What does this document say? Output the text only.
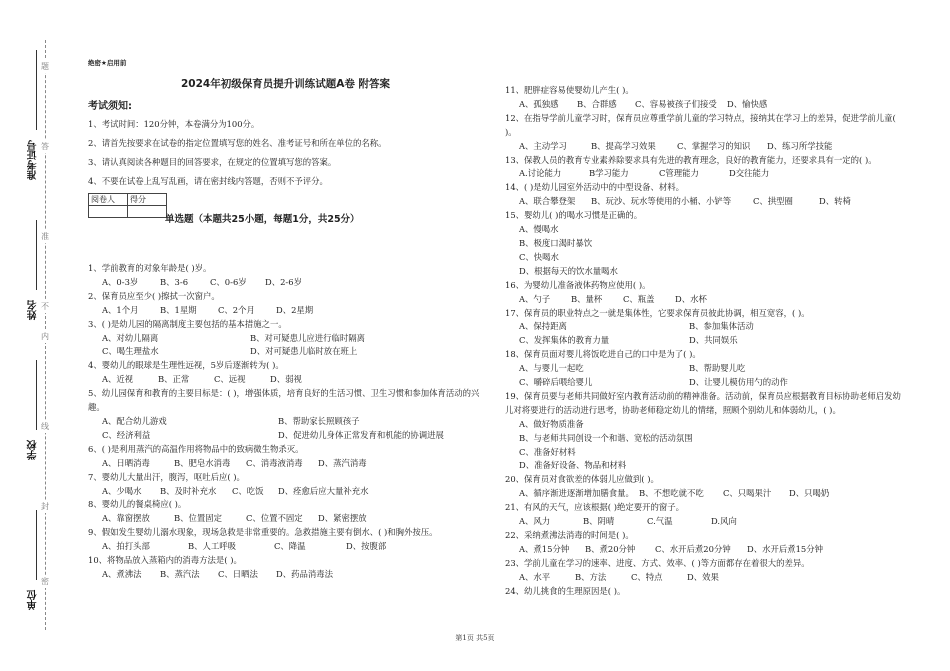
准考证号
姓名
学校
单位
题
答
准
不
内
线
封
密
绝密★启用前
2024年初级保育员提升训练试题A卷 附答案
考试须知:
1、考试时间：120分钟，本卷满分为100分。
2、请首先按要求在试卷的指定位置填写您的姓名、准考证号和所在单位的名称。
3、请认真阅读各种题目的回答要求，在规定的位置填写您的答案。
4、不要在试卷上乱写乱画，请在密封线内答题，否则不予评分。
阅卷人	得分

单选题（本题共25小题，每题1分，共25分）
1、学前教育的对象年龄是( )岁。
A、0-3岁	B、3-6	C、0-6岁	D、2-6岁
2、保育员应至少( )擦拭一次窗户。
A、1个月	B、1星期	C、2个月	D、2星期
3、( )是幼儿园的隔离制度主要包括的基本措施之一。
A、对幼儿隔离	B、对可疑患儿应进行临时隔离
C、喝生理盐水	D、对可疑患儿临时放在班上
4、婴幼儿的眼球是生理性远视，5岁后逐渐转为( )。
A、近视	B、正常	C、远视	D、弱视
5、幼儿园保育和教育的主要目标是：( )，增强体质，培育良好的生活习惯、卫生习惯和参加体育活动的兴趣。
A、配合幼儿游戏	B、帮助家长照顾孩子
C、经济利益	D、促进幼儿身体正常发育和机能的协调进展
6、( )是利用蒸汽的高温作用将物品中的致病微生物杀灭。
A、日晒消毒	B、肥皂水消毒	C、消毒液消毒	D、蒸汽消毒
7、婴幼儿大量出汗，腹泻，呕吐后应( )。
A、少喝水	B、及时补充水	C、吃饭	D、痊愈后应大量补充水
8、婴幼儿的餐桌椅应( )。
A、靠窗摆放	B、位置固定	C、位置不固定	D、紧密摆放
9、假如发生婴幼儿溺水现象，现场急救是非常重要的。急救措施主要有倒水、( )和胸外按压。
A、拍打头部	B、人工呼吸	C、降温	D、按腹部
10、将物品放入蒸箱内的消毒方法是( )。
A、煮沸法	B、蒸汽法	C、日晒法	D、药品消毒法
11、肥胖症容易使婴幼儿产生( )。
A、孤独感	B、合群感	C、容易被孩子们接受	D、愉快感
12、在指导学前儿童学习时，保育员应尊重学前儿童的学习特点，接纳其在学习上的差异，促进学前儿童( )。
A、主动学习	B、提高学习效果	C、掌握学习的知识	D、练习所学技能
13、保教人员的教育专业素养除要求具有先进的教育理念，良好的教育能力，还要求具有一定的( )。
A.讨论能力	B学习能力	C管理能力	D交往能力
14、( )是幼儿园室外活动中的中型设备、材料。
A、联合攀登架	B、玩沙、玩水等使用的小桶、小铲等	C、拱型圈	D、转椅
15、婴幼儿( )的喝水习惯是正确的。
A、慢喝水
B、极度口渴时暴饮
C、快喝水
D、根据每天的饮水量喝水
16、为婴幼儿准备液体药物应使用( )。
A、勺子	B、量杯	C、瓶盖	D、水杯
17、保育员的职业特点之一就是集体性，它要求保育员彼此协调，相互宽容，( )。
A、保持距离	B、参加集体活动
C、发挥集体的教育力量	D、共同娱乐
18、保育员面对婴儿将饭吃进自己的口中是为了( )。
A、与婴儿一起吃	B、帮助婴儿吃
C、嚼碎后喂给婴儿	D、让婴儿模仿用勺的动作
19、保育员要与老师共同做好室内教育活动前的精神准备。活动前，保育员应根据教育目标协助老师启发幼儿对将要进行的活动进行思考，协助老师稳定幼儿的情绪，照顾个别幼儿和体弱幼儿，( )。
A、做好物质准备
B、与老师共同创设一个和谐、宽松的活动氛围
C、准备好材料
D、准备好设备、物品和材料
20、保育员对食欲差的体弱儿应做到( )。
A、循序渐进逐渐增加膳食量。 B、不想吃就不吃	C、只喝果汁	D、只喝奶
21、有风的天气，应该根据( )绝定要开的窗子。
A、风力	B、阴晴	C.气温	D.风向
22、采纳煮沸法消毒的时间是( )。
A、煮15分钟	B、煮20分钟	C、水开后煮20分钟	D、水开后煮15分钟
23、学前儿童在学习的速率、进度、方式、效率、( )等方面都存在着很大的差异。
A、水平	B、方法	C、特点	D、效果
24、幼儿挑食的生理原因是( )。
第1页 共5页
